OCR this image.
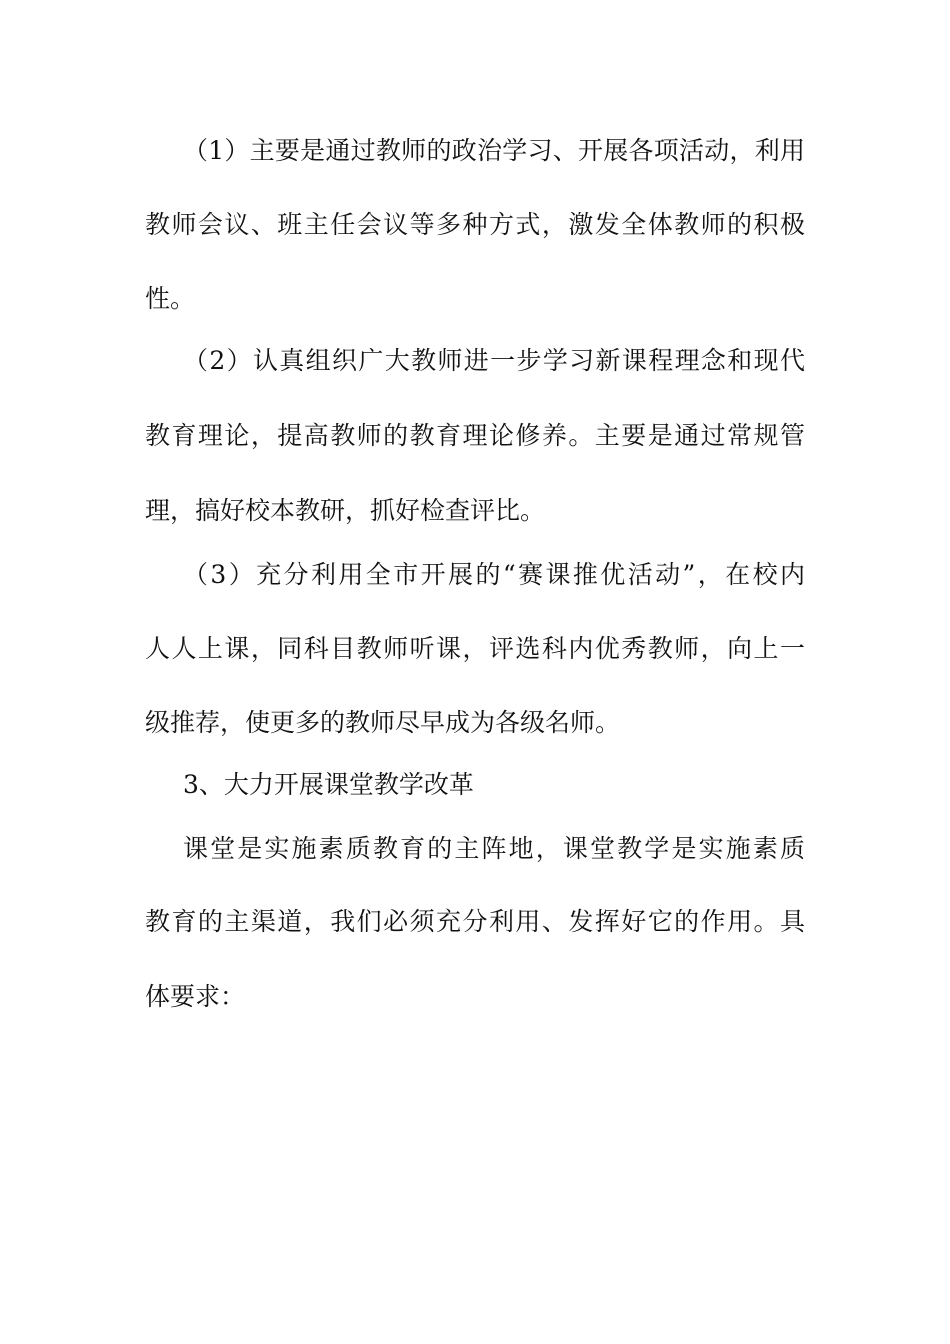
（1）主要是通过教师的政治学习、开展各项活动，利用
教师会议、班主任会议等多种方式，激发全体教师的积极
性。
（2）认真组织广大教师进一步学习新课程理念和现代
教育理论，提高教师的教育理论修养。主要是通过常规管
理，搞好校本教研，抓好检查评比。
（3）充分利用全市开展的“赛课推优活动”，在校内
人人上课，同科目教师听课，评选科内优秀教师，向上一
级推荐，使更多的教师尽早成为各级名师。
3、大力开展课堂教学改革
课堂是实施素质教育的主阵地，课堂教学是实施素质
教育的主渠道，我们必须充分利用、发挥好它的作用。具
体要求：
